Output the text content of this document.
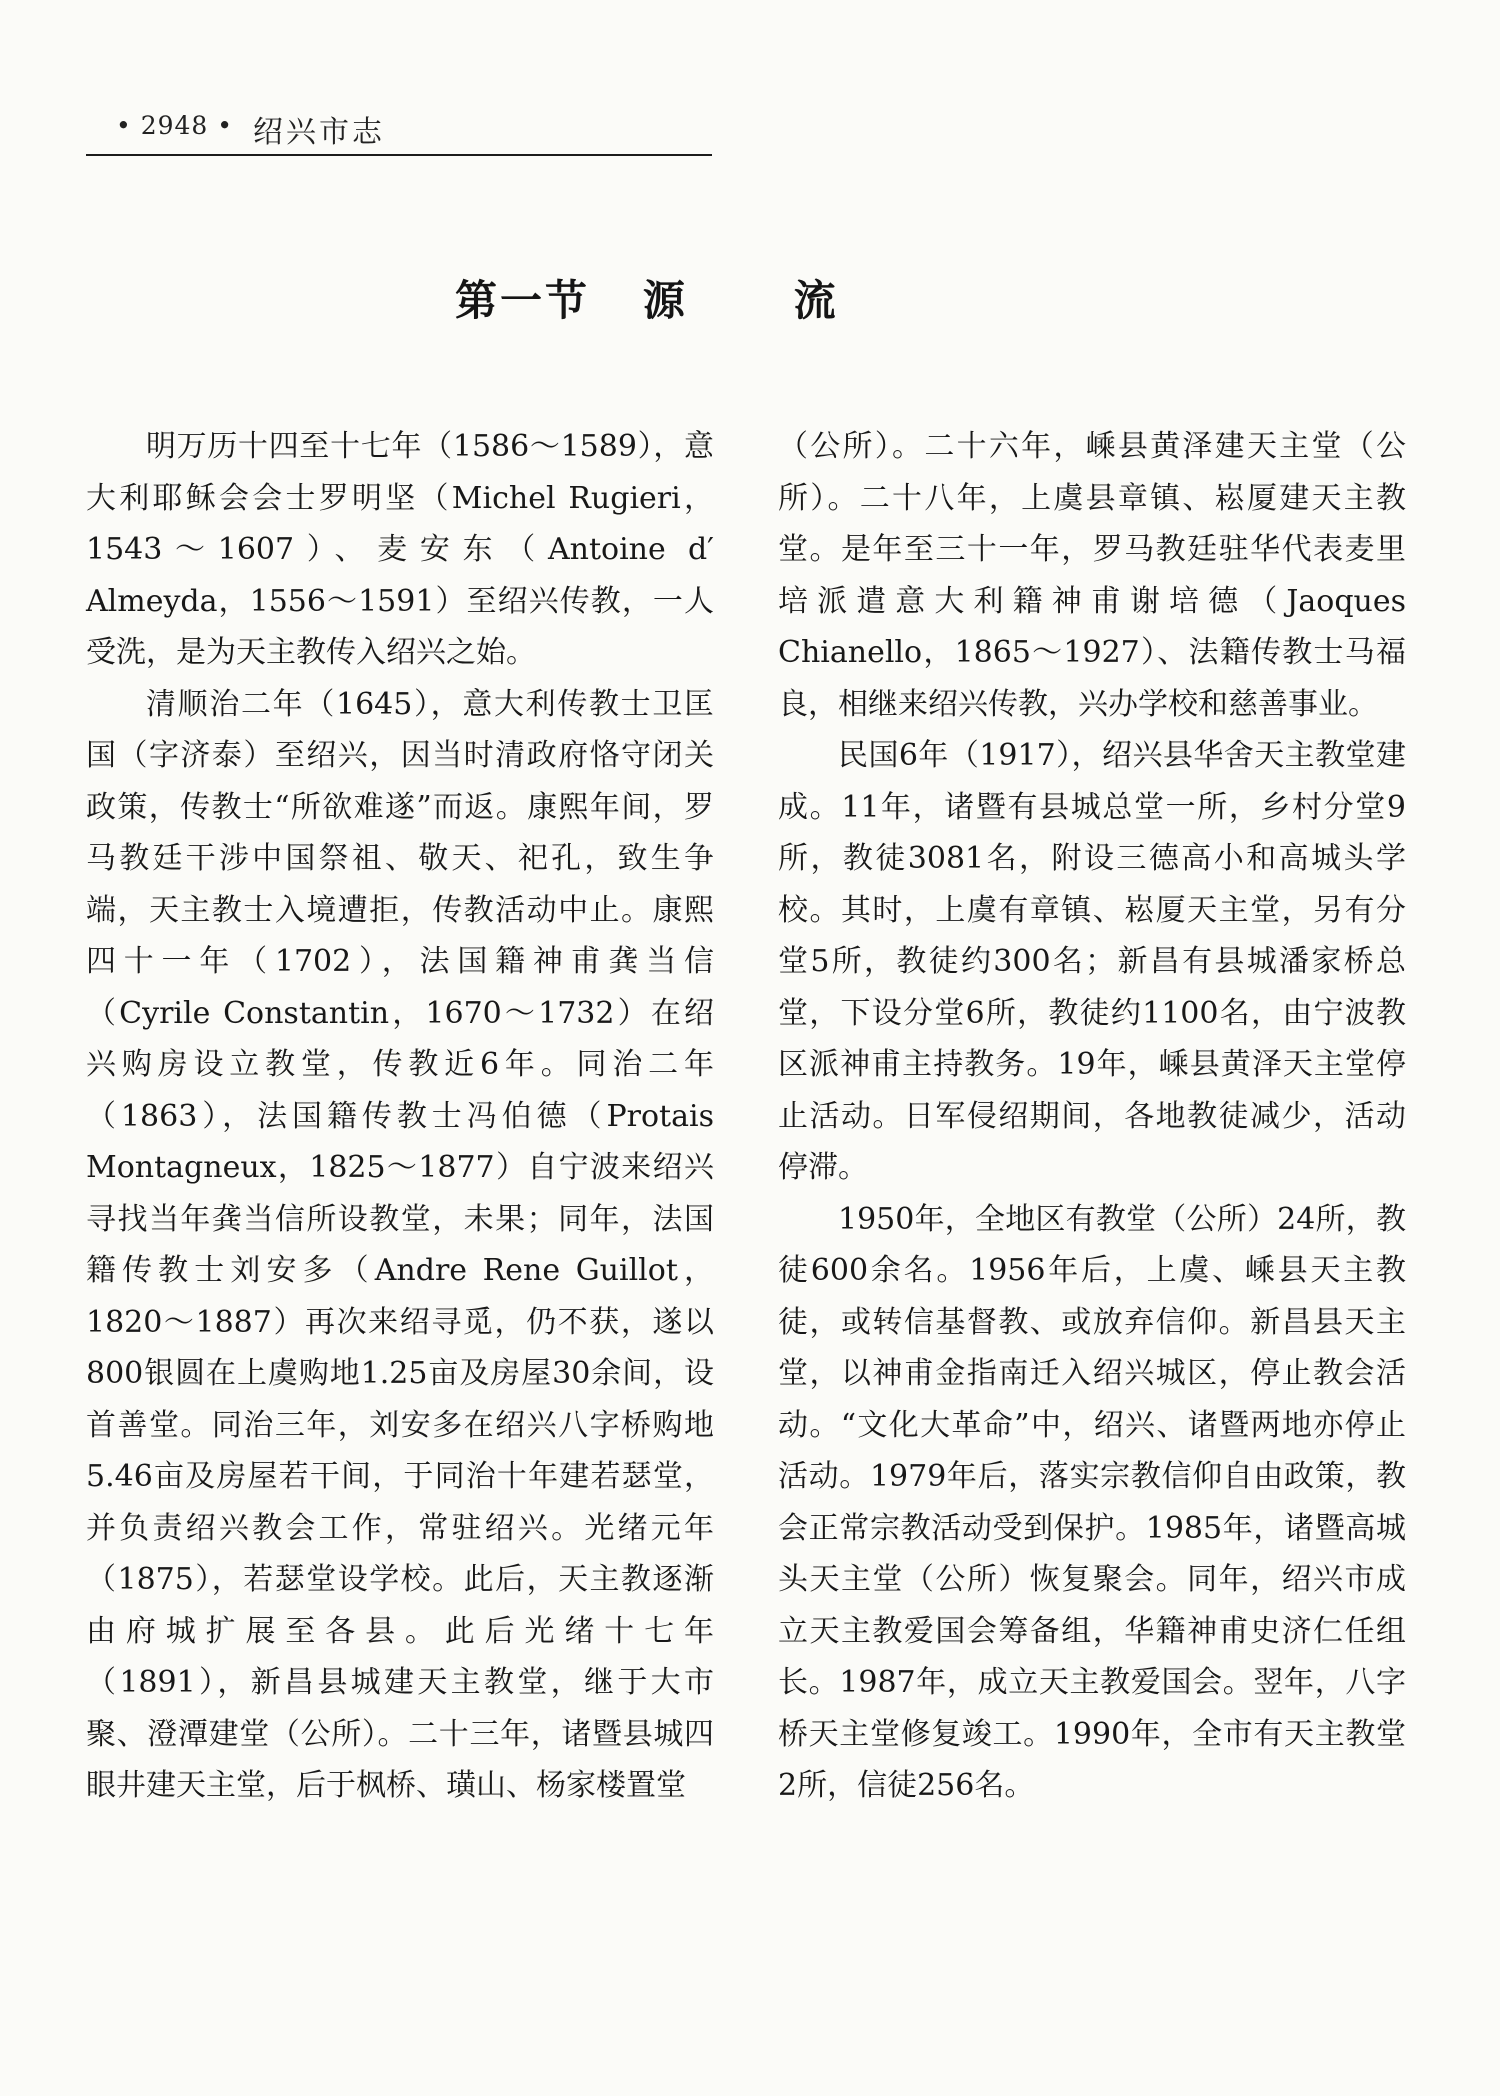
• 2948 • 绍兴市志
第一节   源      流

明万历十四至十七年（1586～1589），意大利耶稣会会士罗明坚（Michel Rugieri，1543～1607）、麦安东（Antoine d′ Almeyda，1556～1591）至绍兴传教，一人受洗，是为天主教传入绍兴之始。

清顺治二年（1645），意大利传教士卫匡国（字济泰）至绍兴，因当时清政府恪守闭关政策，传教士“所欲难遂”而返。康熙年间，罗马教廷干涉中国祭祖、敬天、祀孔，致生争端，天主教士入境遭拒，传教活动中止。康熙四十一年（1702），法国籍神甫龚当信（Cyrile Constantin，1670～1732）在绍兴购房设立教堂，传教近6年。同治二年（1863），法国籍传教士冯伯德（Protais Montagneux，1825～1877）自宁波来绍兴寻找当年龚当信所设教堂，未果；同年，法国籍传教士刘安多（Andre Rene Guillot，1820～1887）再次来绍寻觅，仍不获，遂以800银圆在上虞购地1.25亩及房屋30余间，设首善堂。同治三年，刘安多在绍兴八字桥购地5.46亩及房屋若干间，于同治十年建若瑟堂，并负责绍兴教会工作，常驻绍兴。光绪元年（1875），若瑟堂设学校。此后，天主教逐渐由府城扩展至各县。此后光绪十七年（1891），新昌县城建天主教堂，继于大市聚、澄潭建堂（公所）。二十三年，诸暨县城四眼井建天主堂，后于枫桥、璜山、杨家楼置堂

（公所）。二十六年，嵊县黄泽建天主堂（公所）。二十八年，上虞县章镇、崧厦建天主教堂。是年至三十一年，罗马教廷驻华代表麦里培派遣意大利籍神甫谢培德（Jaoques Chianello，1865～1927）、法籍传教士马福良，相继来绍兴传教，兴办学校和慈善事业。

民国6年（1917），绍兴县华舍天主教堂建成。11年，诸暨有县城总堂一所，乡村分堂9所，教徒3081名，附设三德高小和高城头学校。其时，上虞有章镇、崧厦天主堂，另有分堂5所，教徒约300名；新昌有县城潘家桥总堂，下设分堂6所，教徒约1100名，由宁波教区派神甫主持教务。19年，嵊县黄泽天主堂停止活动。日军侵绍期间，各地教徒减少，活动停滞。

1950年，全地区有教堂（公所）24所，教徒600余名。1956年后，上虞、嵊县天主教徒，或转信基督教、或放弃信仰。新昌县天主堂，以神甫金指南迁入绍兴城区，停止教会活动。“文化大革命”中，绍兴、诸暨两地亦停止活动。1979年后，落实宗教信仰自由政策，教会正常宗教活动受到保护。1985年，诸暨高城头天主堂（公所）恢复聚会。同年，绍兴市成立天主教爱国会筹备组，华籍神甫史济仁任组长。1987年，成立天主教爱国会。翌年，八字桥天主堂修复竣工。1990年，全市有天主教堂2所，信徒256名。
